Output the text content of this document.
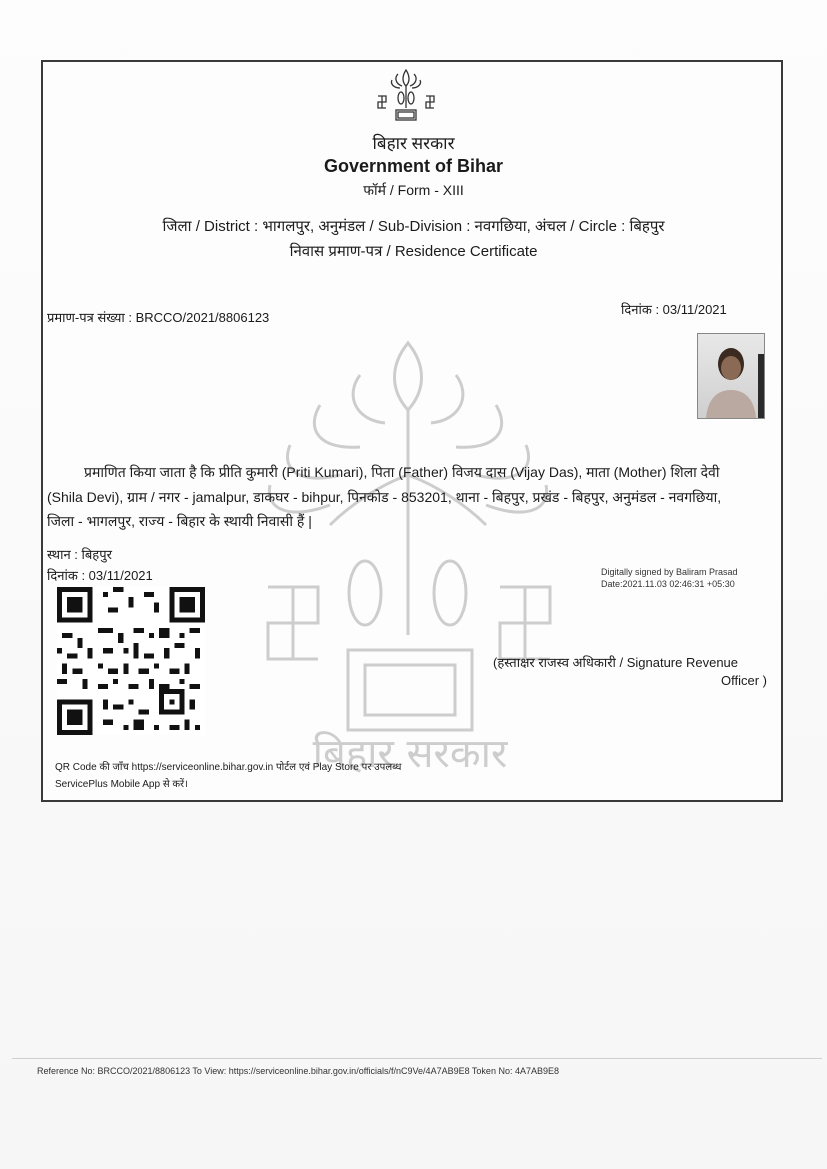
बिहार सरकार
Government of Bihar
फॉर्म / Form - XIII
जिला / District : भागलपुर, अनुमंडल / Sub-Division : नवगछिया, अंचल / Circle : बिहपुर
निवास प्रमाण-पत्र / Residence Certificate
प्रमाण-पत्र संख्या : BRCCO/2021/8806123
दिनांक : 03/11/2021
बिहार सरकार
प्रमाणित किया जाता है कि प्रीति कुमारी (Priti Kumari), पिता (Father) विजय दास (Vijay Das), माता (Mother) शिला देवी
(Shila Devi), ग्राम / नगर - jamalpur, डाकघर - bihpur, पिनकोड - 853201, थाना - बिहपुर, प्रखंड - बिहपुर, अनुमंडल - नवगछिया,
जिला - भागलपुर, राज्य - बिहार के स्थायी निवासी हैं |
स्थान : बिहपुर
दिनांक : 03/11/2021	Digitally signed by Baliram Prasad
Date:2021.11.03 02:46:31 +05:30
(हस्ताक्षर राजस्व अधिकारी / Signature Revenue
Officer )
QR Code की जाँच https://serviceonline.bihar.gov.in पोर्टल एवं Play Store पर उपलब्ध
ServicePlus Mobile App से करें।
Reference No: BRCCO/2021/8806123 To View: https://serviceonline.bihar.gov.in/officials/f/nC9Ve/4A7AB9E8 Token No: 4A7AB9E8
